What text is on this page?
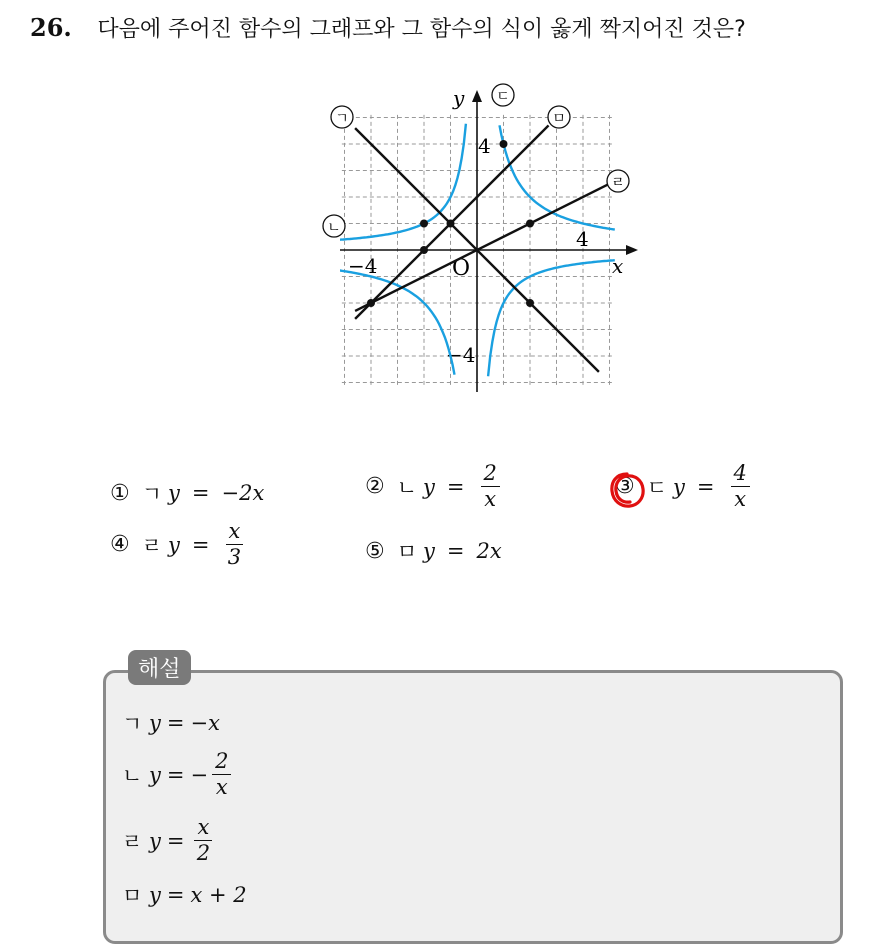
26. 다음에 주어진 함수의 그래프와 그 함수의 식이 옳게 짝지어진 것은?
x
y
O
4
−4
4
−4
ㄱ
ㄴ
ㄷ
ㄹ
ㅁ
① ㄱ y = −2x	② ㄴ $y = \frac{2}{x}$	③ ㄷ $y = \frac{4}{x}$
④ ㄹ $y = \frac{x}{3}$	⑤ ㅁ y = 2x
해설
ㄱ
y = −x
ㄴ
y = − $\frac{2}{x}$
ㄹ
$y = \frac{x}{2}$
ㅁ
y = x + 2
